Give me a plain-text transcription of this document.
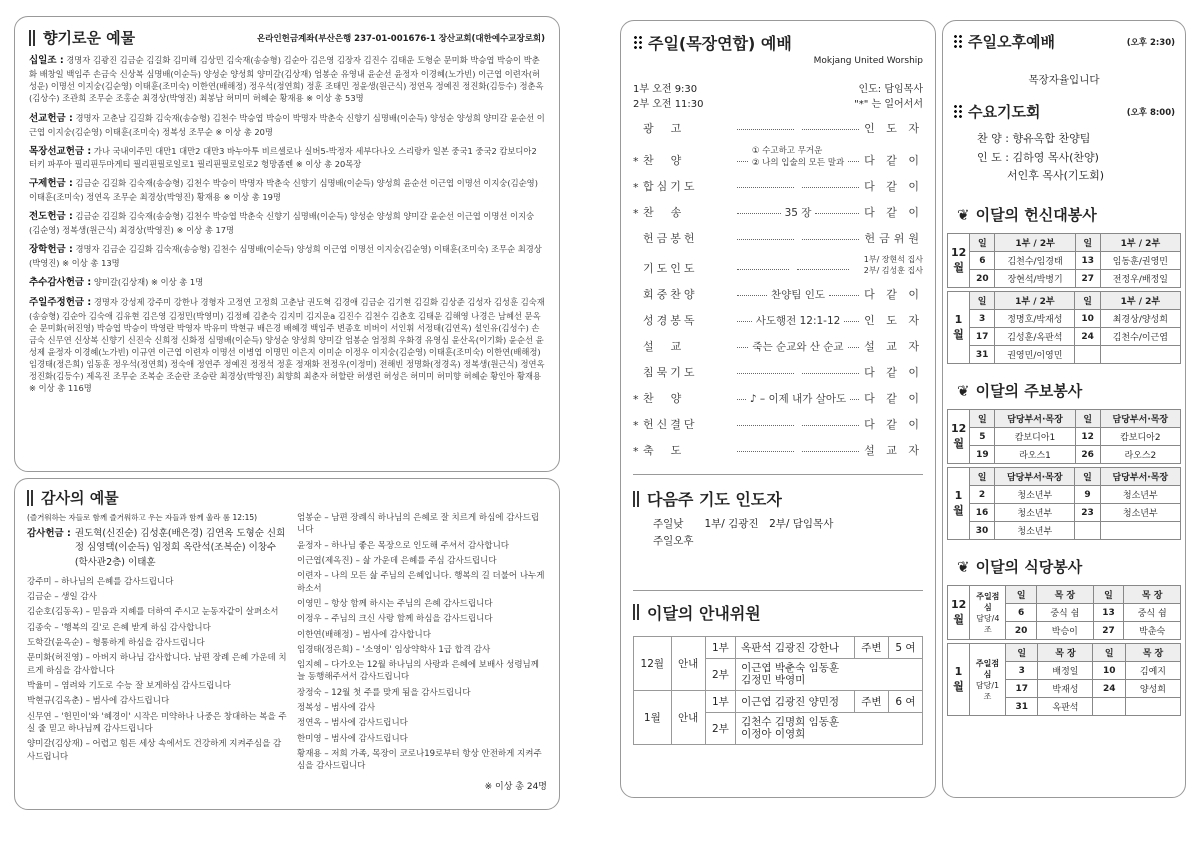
향기로운 예물	온라인헌금계좌(부산은행 237-01-001676-1 장산교회(대한예수교장로회)
십일조 : 경명자 김광진 김금순 김길화 김미해 김상민 김숙재(송승형) 김순아 김은영 김장자 김진수 김태운 도형순 문미화 박승엽 박승이 박춘화 배창일 백임주 손금숙 신상복 심명배(이순득) 양성순 양성희 양미갈(김상재) 엄봉순 유영내 윤순선 윤정자 이경혜(노가빈) 이근엽 이련자(허성운) 이명선 이지숭(김순영) 이태훈(조미숙) 이한연(배해정) 정우석(정연희) 정훈 조태민 정윤생(원근식) 정연옥 정예진 정진화(김등수) 정춘옥(김상수) 조관희 조무순 조홍순 최경상(박영진) 최봉남 허미미 허혜순 황재용 ※ 이상 총 53명
선교헌금 : 경명자 고춘남 김길화 김숙재(송승형) 김천수 박승엽 박승이 박명자 박춘숙 신향기 심명배(이순득) 양성순 양성희 양미갈 윤순선 이근엽 이지숭(김순영) 이태훈(조미숙) 정복성 조무순 ※ 이상 총 20명
목장선교헌금 : 가나 국내이주민 대만1 대만2 대만3 바누아투 비르셀로나 실버5-박정자 세부다나오 스리랑카 일본 중국1 중국2 캄보디아2 터키 파푸아 필리핀두마게티 필리핀필로일로1 필리핀필로일로2 헝망좀렌 ※ 이상 총 20목장
구제헌금 : 김금순 김길화 김숙재(송승형) 김천수 박승이 박명자 박춘숙 신향기 심명배(이순득) 양성희 윤순선 이근엽 이명선 이지숭(김순영) 이태훈(조미숙) 정연옥 조무순 최경상(박영진) 황재용 ※ 이상 총 19명
전도헌금 : 김금순 김길화 김숙재(송승형) 김천수 박승엽 박춘숙 신향기 심명배(이순득) 양성순 양성희 양미갈 윤순선 이근엽 이명선 이지숭(김순영) 정복생(원근식) 최경상(박영진) ※ 이상 총 17명
장학헌금 : 경명자 김금순 김길화 김숙재(송승형) 김천수 심명배(이순득) 양성희 이근엽 이명선 이지숭(김순영) 이태훈(조미숙) 조무순 최경상(박영진) ※ 이상 총 13명
추수감사헌금 : 양미갈(김상재) ※ 이상 총 1명
주일주정헌금 : 경명자 강성제 강주미 강한나 경형자 고정연 고정희 고춘남 권도혁 김경애 김금순 김기현 김길화 김상준 김성자 김성훈 김숙재(송승형) 김순아 김숙애 김유현 김은영 김정민(박영미) 김정혜 김춘숙 김지미 김지운a 김진수 김천수 김춘호 김태운 김해영 나경은 남혜선 문옥순 문미화(허진영) 박승엽 박승이 박영란 박영자 박유미 박현규 배은경 배혜경 백임주 변종호 비버이 서인휘 서정태(김연옥) 설인유(김성수) 손금숙 신무연 신상복 신향기 신진숙 신희정 신화정 심명배(이순득) 양성순 양성희 양미갈 엄봉순 엄정희 우화경 유영심 윤산옥(이기화) 윤순선 윤성제 윤정자 이경혜(노가빈) 이규연 이근엽 이련자 이명선 이병엽 이명민 이은지 이미순 이정우 이지숭(김순영) 이태훈(조미숙) 이한연(배해정) 임경태(정은희) 임동훈 정우석(정연희) 정숙애 정연주 정예진 정정석 정훈 정재화 전정우(이정미) 전해빈 정명화(정경옥) 정복생(원근식) 정연옥 정진화(김등수) 제옥진 조무순 조복순 조순란 조승란 최경상(박영진) 최향희 최춘자 허할란 허생련 허성은 허미미 허미향 허혜순 황인아 황재용 ※ 이상 총 116명
감사의 예물
(즐거워하는 자들로 함께 즐거워하고 우는 자들과 함께 울라 롬 12:15)
감사헌금 : 권도혁(신진순) 김성훈(배은경) 김연옥 도형순 신희정 심영택(이순득) 임정희 옥란석(조복순) 이창수(학사관2층) 이태훈
강주미 – 하나님의 은혜를 감사드립니다
김금순 – 생일 감사
김순호(김동옥) – 믿음과 지혜를 더하여 주시고 눈동자같이 살펴소서
김종숙 – '행복의 길'로 은혜 받게 하심 감사합니다
도학갈(윤옥순) – 형통하게 하심을 감사드립니다
문미화(허진영) – 아버지 하나님 감사합니다. 남편 장례 은혜 가운데 치르게 하심을 감사합니다
박율미 – 염려와 기도로 수능 잘 보게하심 감사드립니다
박현규(김옥춘) – 범사에 감사드립니다
신무연 – '헌민이'와 '혜경이' 시작은 미약하나 나중은 창대하는 복을 주실 줄 믿고 하나님께 감사드립니다
양미갈(김상재) – 어렵고 힘든 세상 속에서도 건강하게 지켜주심을 감사드립니다
엄봉순 – 남편 장례식 하나님의 은혜로 잘 치르게 하심에 감사드립니다
윤정자 – 하나님 좋은 목장으로 인도해 주셔서 감사합니다
이근엽(제옥진) – 삶 가운데 은혜를 주심 감사드립니다
이련자 – 나의 모든 삶 주님의 은혜입니다. 행복의 길 더불어 나누게 하소서
이영민 – 항상 함께 하시는 주님의 은혜 감사드립니다
이정우 – 주님의 크신 사랑 함께 하심을 감사드립니다
이한연(배해정) – 범사에 감사합니다
임경태(정은희) – '소영이' 임상약학사 1급 합격 감사
임지혜 – 다가오는 12월 하나님의 사랑과 은혜에 보배사 성령님께 늘 동행해주셔서 감사드립니다
장정숙 – 12월 첫 주를 맞게 됨을 감사드립니다
정복성 – 범사에 감사
정연옥 – 범사에 감사드립니다
한미영 – 범사에 감사드립니다
황재용 – 저희 가족, 목장이 코로나19로부터 항상 안전하게 지켜주심을 감사드립니다
※ 이상 총 24명
주일(목장연합) 예배
Mokjang United Worship
1부 오전 9:30
2부 오전 11:30
인도: 담임목사
"*" 는 일어서서
광　고	인 도 자
* 찬　양
① 수고하고 무거운
② 나의 입술의 모든 말과 다 같 이
* 합심기도	다 같 이
* 찬　송	35 장	다 같 이
헌금봉헌	헌금위원
기도인도
1부/ 장현석 집사
2부/ 김성훈 집사
회중찬양	찬양팀 인도	다 같 이
성경봉독	사도행전 12:1-12 인 도 자
설　교	죽는 순교와 산 순교 설 교 자
침묵기도	다 같 이
* 찬　양	♪ – 이제 내가 살아도 다 같 이
* 헌신결단	다 같 이
* 축　도	설 교 자
다음주 기도 인도자
주일낮　　 1부/ 김광진　2부/ 담임목사
주일오후
이달의 안내위원
12월	안내	1부	옥판석 김광진 강한나	주변	5 여
		2부	이근엽 박춘숙 임동훈
김정민 박영미		
1월	안내	1부	이근엽 김광진 양민정	주변	6 여
		2부	김천수 김명희 임동훈
이정아 이영희		
주일오후예배	(오후 2:30)
목장자율입니다
수요기도회	(오후 8:00)
찬 양 : 향유옥합 찬양팀
인 도 : 김하영 목사(찬양)
서인후 목사(기도회)
❦ 이달의 헌신대봉사
12월	일	1부 / 2부	일	1부 / 2부
	6	김천수/임경태	13	임동훈/권영민
	20	장현석/박병기	27	전정우/배정일
1월	일	1부 / 2부	일	1부 / 2부
	3	정명호/박재성	10	최경상/양성희
	17	김성훈/옥판석	24	김천수/이근엽
	31	권영민/이영민		
❦ 이달의 주보봉사
12월	일	담당부서·목장	일	담당부서·목장
	5	캄보디아1	12	캄보디아2
	19	라오스1	26	라오스2
1월	일	담당부서·목장	일	담당부서·목장
	2	청소년부	9	청소년부
	16	청소년부	23	청소년부
	30	청소년부		
❦ 이달의 식당봉사
12월	주일점심
담당/4조	일	목 장	일	목 장
		6	중식 쉼	13	중식 쉼
		20	박승이	27	박춘숙
1월	주일점심
담당/1조	일	목 장	일	목 장
		3	배정일	10	김예지
		17	박재성	24	양성희
		31	옥판석		
